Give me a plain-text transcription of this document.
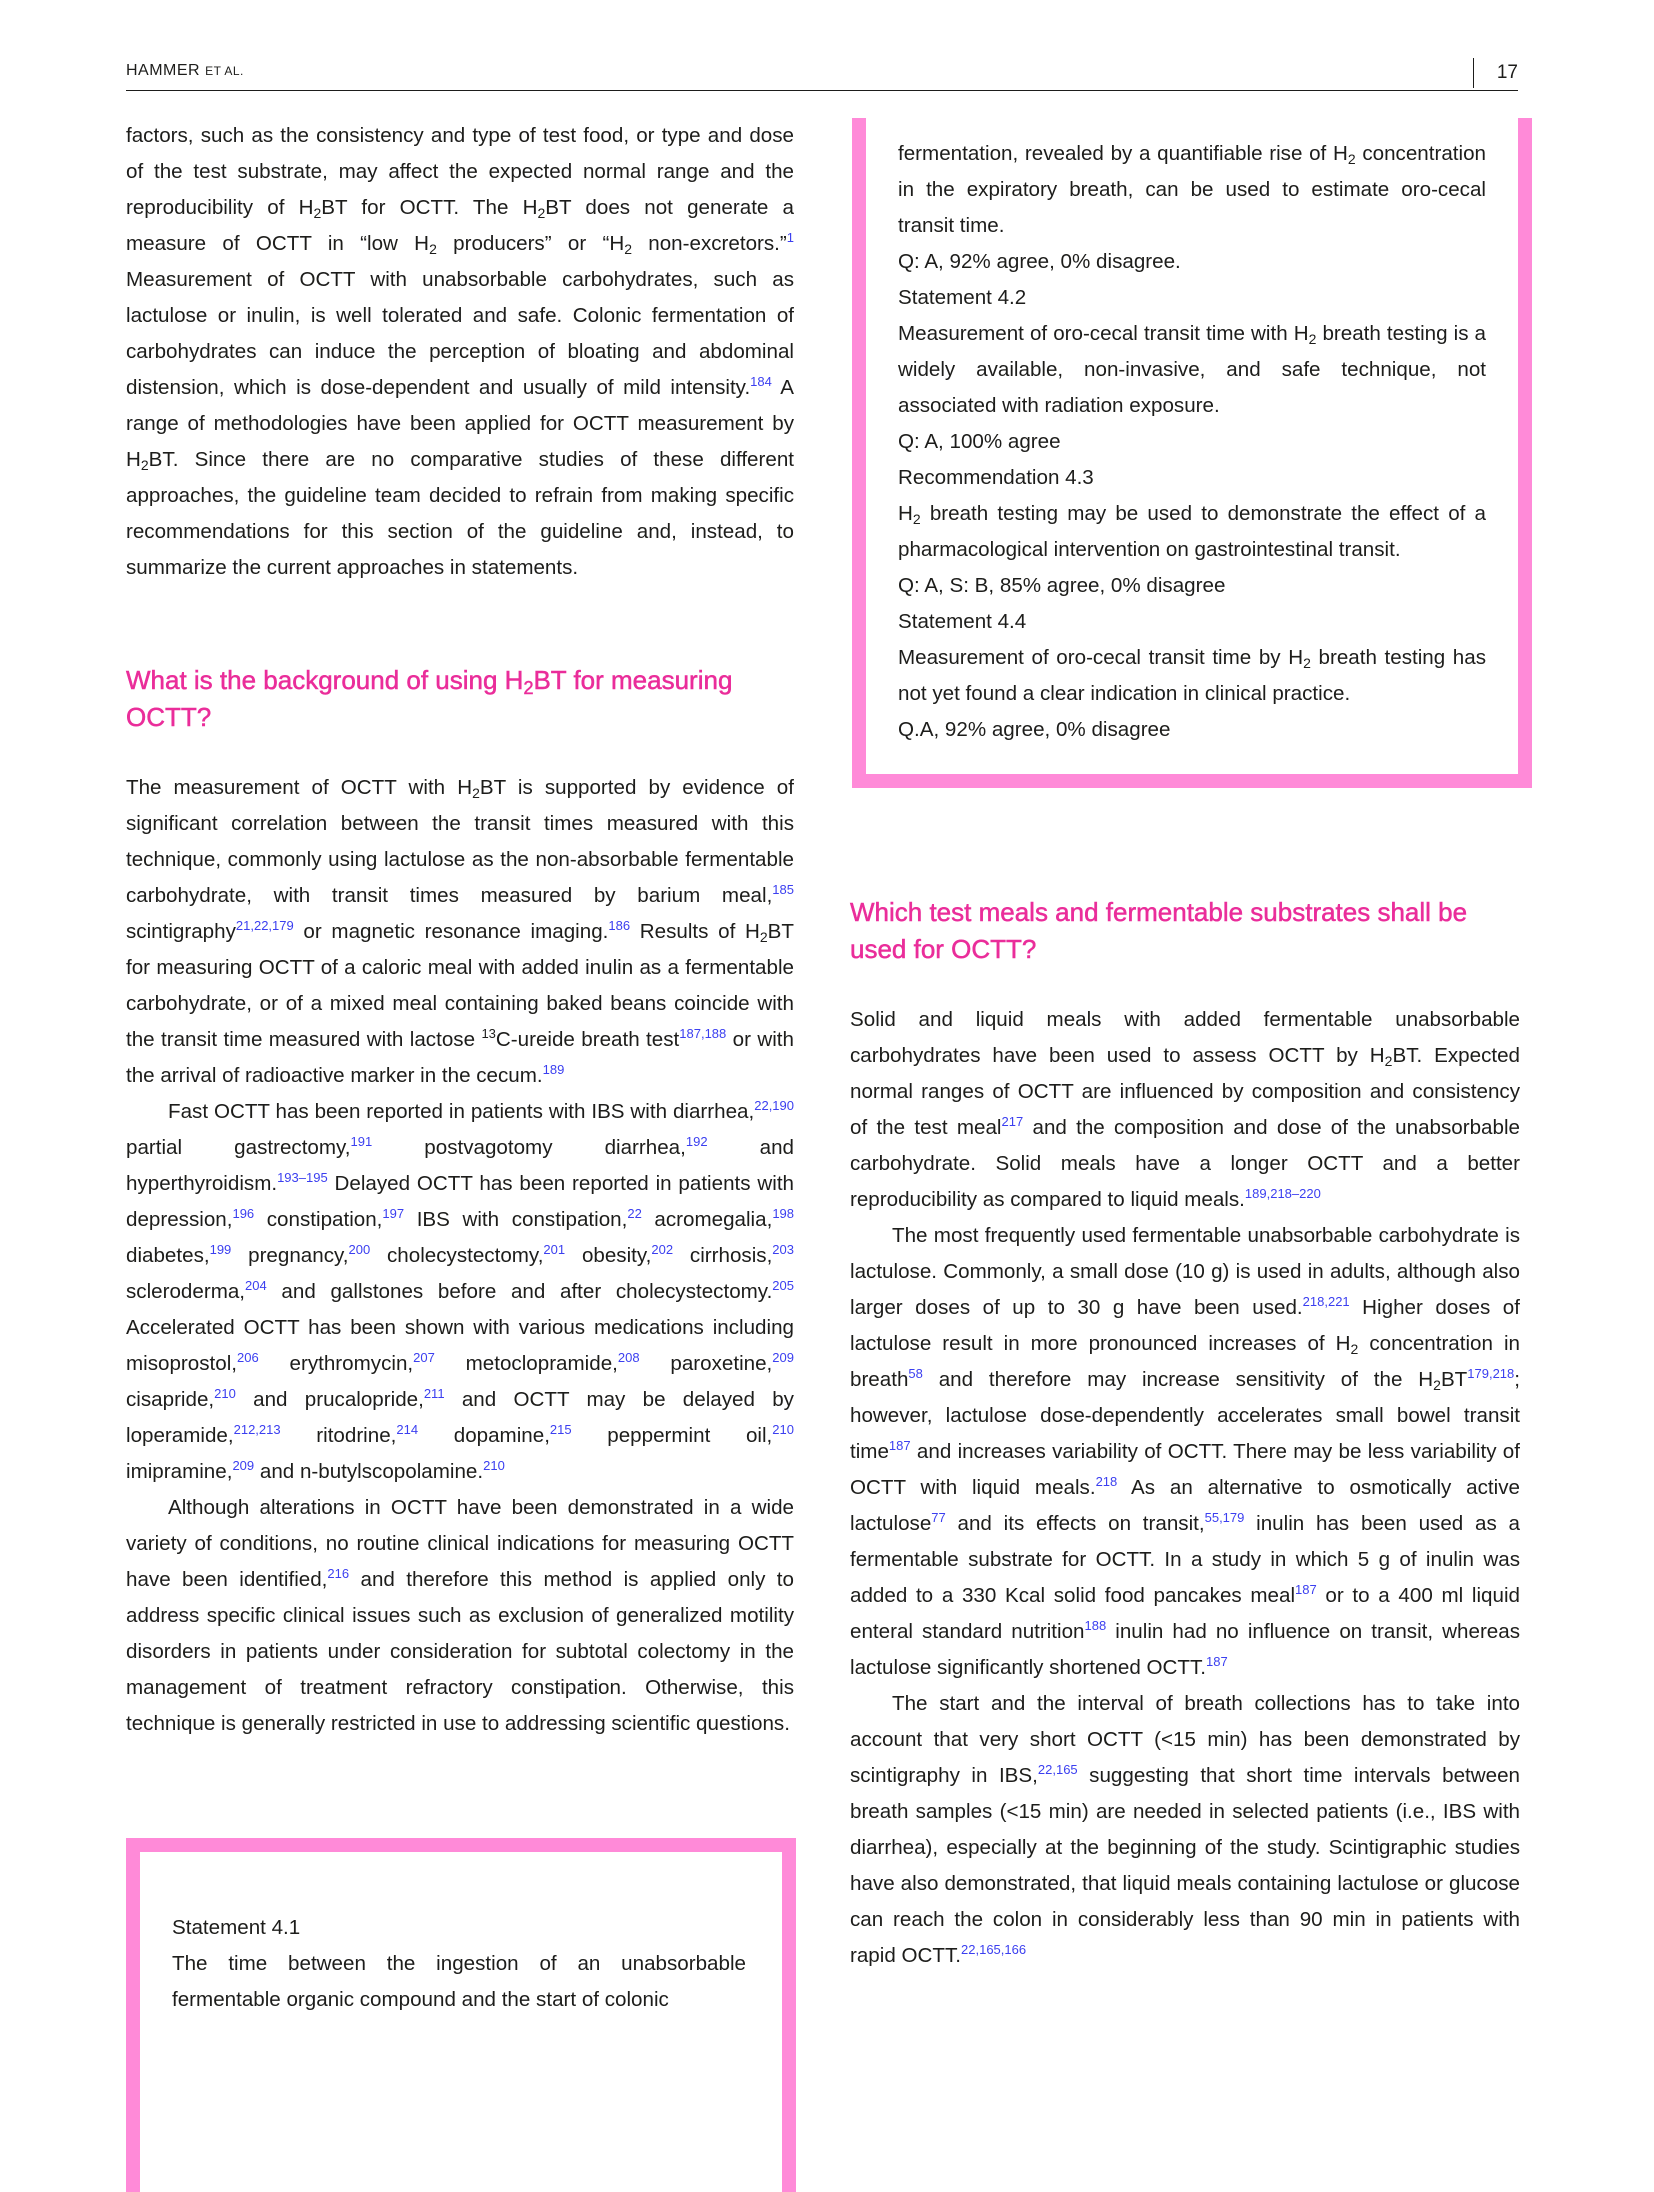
HAMMER ET AL.	17

factors, such as the consistency and type of test food, or type and dose of the test substrate, may affect the expected normal range and the reproducibility of $H_2BT$ for OCTT. The $H_2BT$ does not generate a measure of OCTT in “low $H_2$ producers” or “$H_2$ non-excretors.”$^1$ Measurement of OCTT with unabsorbable carbohydrates, such as lactulose or inulin, is well tolerated and safe. Colonic fermentation of carbohydrates can induce the perception of bloating and abdominal distension, which is dose-dependent and usually of mild intensity.$^{184}$ A range of methodologies have been applied for OCTT measurement by $H_2BT$. Since there are no comparative studies of these different approaches, the guideline team decided to refrain from making specific recommendations for this section of the guideline and, instead, to summarize the current approaches in statements.

What is the background of using $H_2BT$ for measuring OCTT?

The measurement of OCTT with $H_2BT$ is supported by evidence of significant correlation between the transit times measured with this technique, commonly using lactulose as the non-absorbable fermentable carbohydrate, with transit times measured by barium meal,$^{185}$ scintigraphy$^{21,22,179}$ or magnetic resonance imaging.$^{186}$ Results of $H_2BT$ for measuring OCTT of a caloric meal with added inulin as a fermentable carbohydrate, or of a mixed meal containing baked beans coincide with the transit time measured with lactose $^{13}$C-ureide breath test$^{187,188}$ or with the arrival of radioactive marker in the cecum.$^{189}$

Fast OCTT has been reported in patients with IBS with diarrhea,$^{22,190}$ partial gastrectomy,$^{191}$ postvagotomy diarrhea,$^{192}$ and hyperthyroidism.$^{193-195}$ Delayed OCTT has been reported in patients with depression,$^{196}$ constipation,$^{197}$ IBS with constipation,$^{22}$ acromegalia,$^{198}$ diabetes,$^{199}$ pregnancy,$^{200}$ cholecystectomy,$^{201}$ obesity,$^{202}$ cirrhosis,$^{203}$ scleroderma,$^{204}$ and gallstones before and after cholecystectomy.$^{205}$ Accelerated OCTT has been shown with various medications including misoprostol,$^{206}$ erythromycin,$^{207}$ metoclopramide,$^{208}$ paroxetine,$^{209}$ cisapride,$^{210}$ and prucalopride,$^{211}$ and OCTT may be delayed by loperamide,$^{212,213}$ ritodrine,$^{214}$ dopamine,$^{215}$ peppermint oil,$^{210}$ imipramine,$^{209}$ and n-butylscopolamine.$^{210}$

Although alterations in OCTT have been demonstrated in a wide variety of conditions, no routine clinical indications for measuring OCTT have been identified,$^{216}$ and therefore this method is applied only to address specific clinical issues such as exclusion of generalized motility disorders in patients under consideration for subtotal colectomy in the management of treatment refractory constipation. Otherwise, this technique is generally restricted in use to addressing scientific questions.

Statement 4.1

The time between the ingestion of an unabsorbable fermentable organic compound and the start of colonic

fermentation, revealed by a quantifiable rise of $H_2$ concentration in the expiratory breath, can be used to estimate oro-cecal transit time.

Q: A, 92% agree, 0% disagree.

Statement 4.2

Measurement of oro-cecal transit time with $H_2$ breath testing is a widely available, non-invasive, and safe technique, not associated with radiation exposure.

Q: A, 100% agree

Recommendation 4.3

$H_2$ breath testing may be used to demonstrate the effect of a pharmacological intervention on gastrointestinal transit.

Q: A, S: B, 85% agree, 0% disagree

Statement 4.4

Measurement of oro-cecal transit time by $H_2$ breath testing has not yet found a clear indication in clinical practice.

Q.A, 92% agree, 0% disagree

Which test meals and fermentable substrates shall be used for OCTT?

Solid and liquid meals with added fermentable unabsorbable carbohydrates have been used to assess OCTT by $H_2BT$. Expected normal ranges of OCTT are influenced by composition and consistency of the test meal$^{217}$ and the composition and dose of the unabsorbable carbohydrate. Solid meals have a longer OCTT and a better reproducibility as compared to liquid meals.$^{189,218-220}$

The most frequently used fermentable unabsorbable carbohydrate is lactulose. Commonly, a small dose (10 g) is used in adults, although also larger doses of up to 30 g have been used.$^{218,221}$ Higher doses of lactulose result in more pronounced increases of $H_2$ concentration in breath$^{58}$ and therefore may increase sensitivity of the $H_2BT^{179,218}$; however, lactulose dose-dependently accelerates small bowel transit time$^{187}$ and increases variability of OCTT. There may be less variability of OCTT with liquid meals.$^{218}$ As an alternative to osmotically active lactulose$^{77}$ and its effects on transit,$^{55,179}$ inulin has been used as a fermentable substrate for OCTT. In a study in which 5 g of inulin was added to a 330 Kcal solid food pancakes meal$^{187}$ or to a 400 ml liquid enteral standard nutrition$^{188}$ inulin had no influence on transit, whereas lactulose significantly shortened OCTT.$^{187}$

The start and the interval of breath collections has to take into account that very short OCTT (<15 min) has been demonstrated by scintigraphy in IBS,$^{22,165}$ suggesting that short time intervals between breath samples (<15 min) are needed in selected patients (i.e., IBS with diarrhea), especially at the beginning of the study. Scintigraphic studies have also demonstrated, that liquid meals containing lactulose or glucose can reach the colon in considerably less than 90 min in patients with rapid OCTT.$^{22,165,166}$
